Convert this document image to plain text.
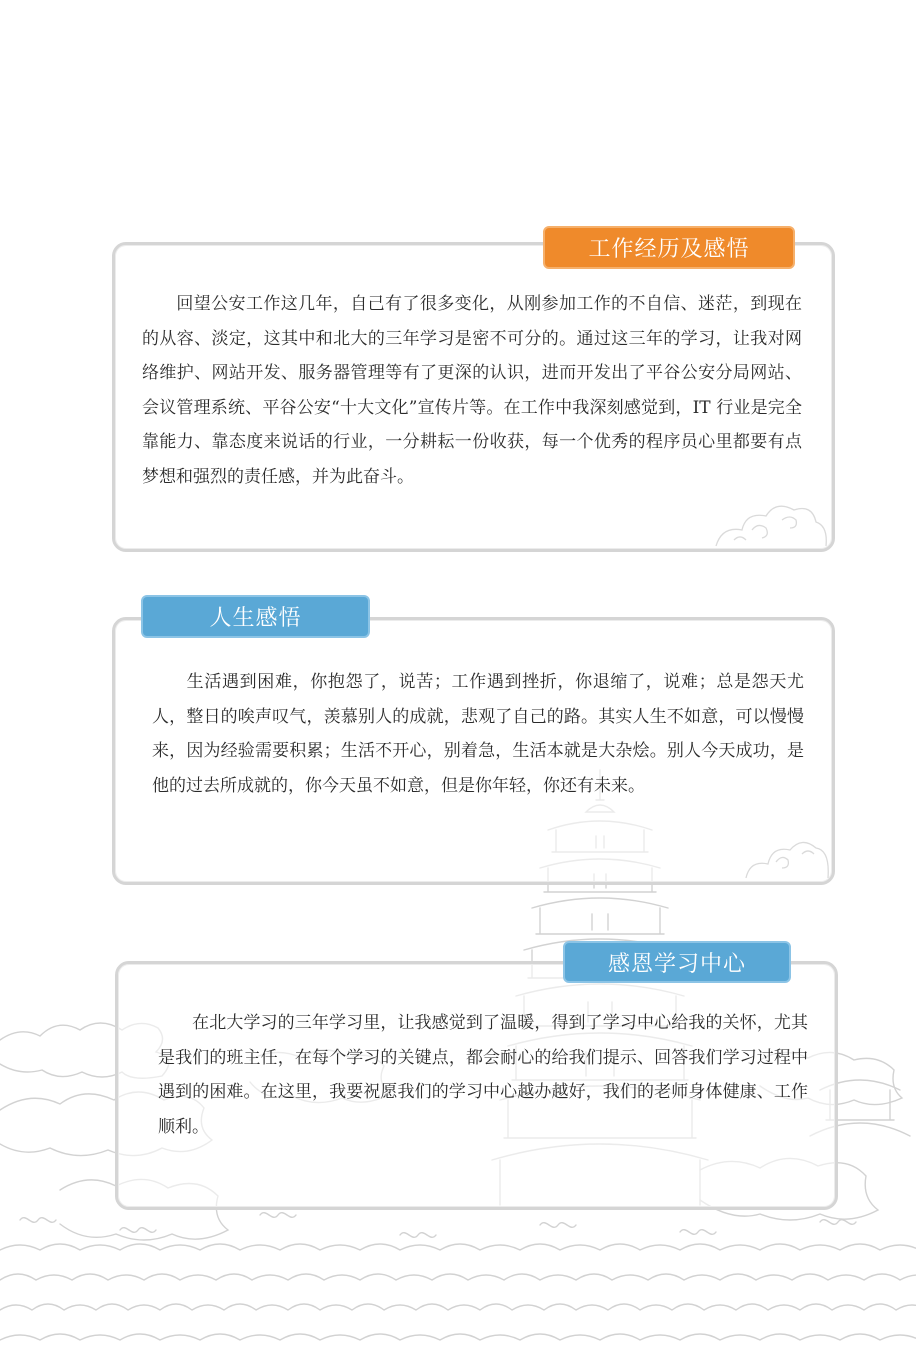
工作经历及感悟

回望公安工作这几年，自己有了很多变化，从刚参加工作的不自信、迷茫，到现在的从容、淡定，这其中和北大的三年学习是密不可分的。通过这三年的学习，让我对网络维护、网站开发、服务器管理等有了更深的认识，进而开发出了平谷公安分局网站、会议管理系统、平谷公安“十大文化”宣传片等。在工作中我深刻感觉到，IT 行业是完全靠能力、靠态度来说话的行业，一分耕耘一份收获，每一个优秀的程序员心里都要有点梦想和强烈的责任感，并为此奋斗。

人生感悟

生活遇到困难，你抱怨了，说苦；工作遇到挫折，你退缩了，说难；总是怨天尤人，整日的唉声叹气，羡慕别人的成就，悲观了自己的路。其实人生不如意，可以慢慢来，因为经验需要积累；生活不开心，别着急，生活本就是大杂烩。别人今天成功，是他的过去所成就的，你今天虽不如意，但是你年轻，你还有未来。

感恩学习中心

在北大学习的三年学习里，让我感觉到了温暖，得到了学习中心给我的关怀，尤其是我们的班主任，在每个学习的关键点，都会耐心的给我们提示、回答我们学习过程中遇到的困难。在这里，我要祝愿我们的学习中心越办越好，我们的老师身体健康、工作顺利。
